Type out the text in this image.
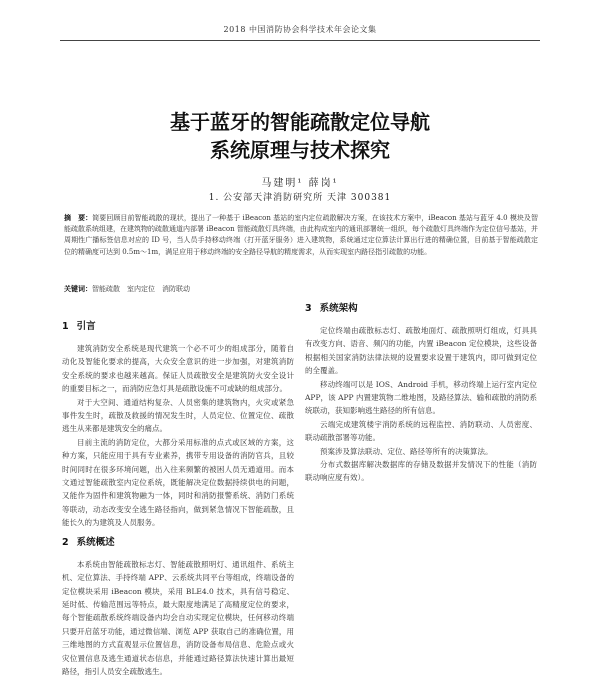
2018 中国消防协会科学技术年会论文集
基于蓝牙的智能疏散定位导航
系统原理与技术探究
马建明¹ 薛岗¹
1. 公安部天津消防研究所 天津 300381
摘　要：简要回顾目前智能疏散的现状，提出了一种基于 iBeacon 基站的室内定位疏散解决方案，在该技术方案中，iBeacon 基站与蓝牙 4.0 模块及智能疏散系统组建，在建筑物的疏散通道内部署 iBeacon 智能疏散灯具终端，由此构成室内的通讯部署统一组织，每个疏散灯具终端作为定位信号基站，并周期性广播标签信息对应的 ID 号，当人员手持移动终端（打开蓝牙服务）进入建筑物，系统通过定位算法计算出行进的精确位置，目前基于智能疏散定位的精确度可达到 0.5m～1m，满足应用于移动终端的安全路径导航的精度需求，从而实现室内路径指引疏散的功能。
关键词：智能疏散　室内定位　消防联动
1 引言

建筑消防安全系统是现代建筑一个必不可少的组成部分，随着自动化及智能化要求的提高，大众安全意识的进一步加强，对建筑消防安全系统的要求也越来越高。保证人员疏散安全是建筑防火安全设计的重要目标之一，而消防应急灯具是疏散设施不可或缺的组成部分。

对于大空间、通道结构复杂、人员密集的建筑物内，火灾或紧急事件发生时，疏散及救援的情况发生时，人员定位、位置定位、疏散逃生从来都是建筑安全的痛点。

目前主流的消防定位，大都分采用标准的点式或区域的方案，这种方案，只能应用于具有专业素养，携带专用设备的消防官兵，且较时间同时在很多环境问题，出入往来频繁的被困人员无通道用。而本文通过智能疏散室内定位系统，既能解决定位数据持续供电的问题，又能作为固件和建筑物融为一体，同时和消防报警系统、消防门系统等联动，动态改变安全逃生路径指向，做到紧急情况下智能疏散，且能长久的为建筑及人员服务。

2 系统概述

本系统由智能疏散标志灯、智能疏散照明灯、通讯组件、系统主机、定位算法、手持终端 APP、云系统共同平台等组成，终端设备的定位模块采用 iBeacon 模块，采用 BLE4.0 技术，具有信号稳定、延时低、传输范围远等特点，最大限度地满足了高精度定位的要求，每个智能疏散系统终端设备内均会自动实现定位模块，任何移动终端只要开启蓝牙功能，通过微信端、浏览 APP 获取自己的准确位置，用三维地图的方式直观显示位置信息，消防设备布局信息、危险点或火灾位置信息及逃生通道状态信息，并能通过路径算法快速计算出最短路径，指引人员安全疏散逃生。

3 系统架构

定位终端由疏散标志灯、疏散地面灯、疏散照明灯组成，灯具具有改变方向、语音、频闪的功能，内置 iBeacon 定位模块，这些设备根据相关国家消防法律法规的设置要求设置于建筑内，即可做到定位的全覆盖。

移动终端可以是 IOS、Android 手机，移动终端上运行室内定位 APP，该 APP 内置建筑物二维地图，及路径算法、输和疏散的消防系统联动，获知影响逃生路径的所有信息。

云端完成建筑楼宇消防系统的远程监控、消防联动、人员密度、联动疏散部署等功能。

预案涉及算法联动、定位、路径等所有的决策算法。

分布式数据库解决数据库的存储及数据并发情况下的性能（消防联动响应度有效）。
